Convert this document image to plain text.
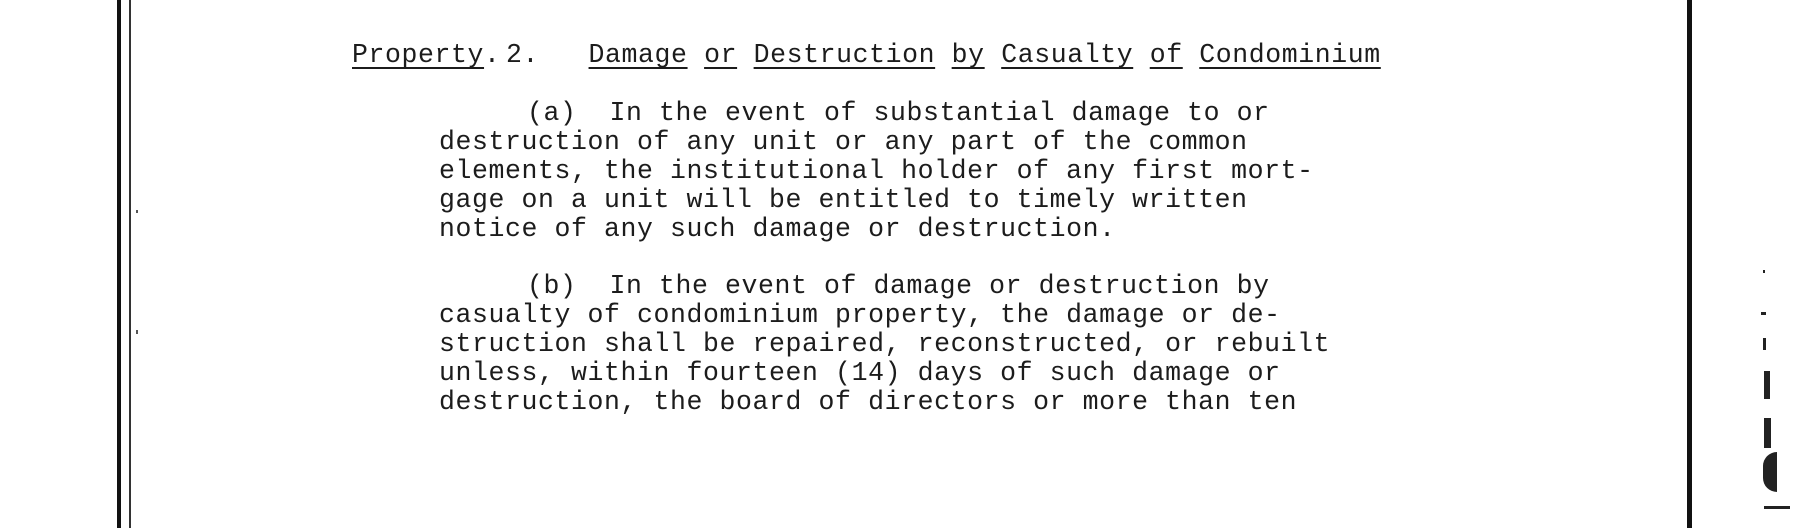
2. Damage or Destruction by Casualty of Condominium

Property.
(a)  In the event of substantial damage to or
destruction of any unit or any part of the common
elements, the institutional holder of any first mort-
gage on a unit will be entitled to timely written
notice of any such damage or destruction.
(b)  In the event of damage or destruction by
casualty of condominium property, the damage or de-
struction shall be repaired, reconstructed, or rebuilt
unless, within fourteen (14) days of such damage or
destruction, the board of directors or more than ten
